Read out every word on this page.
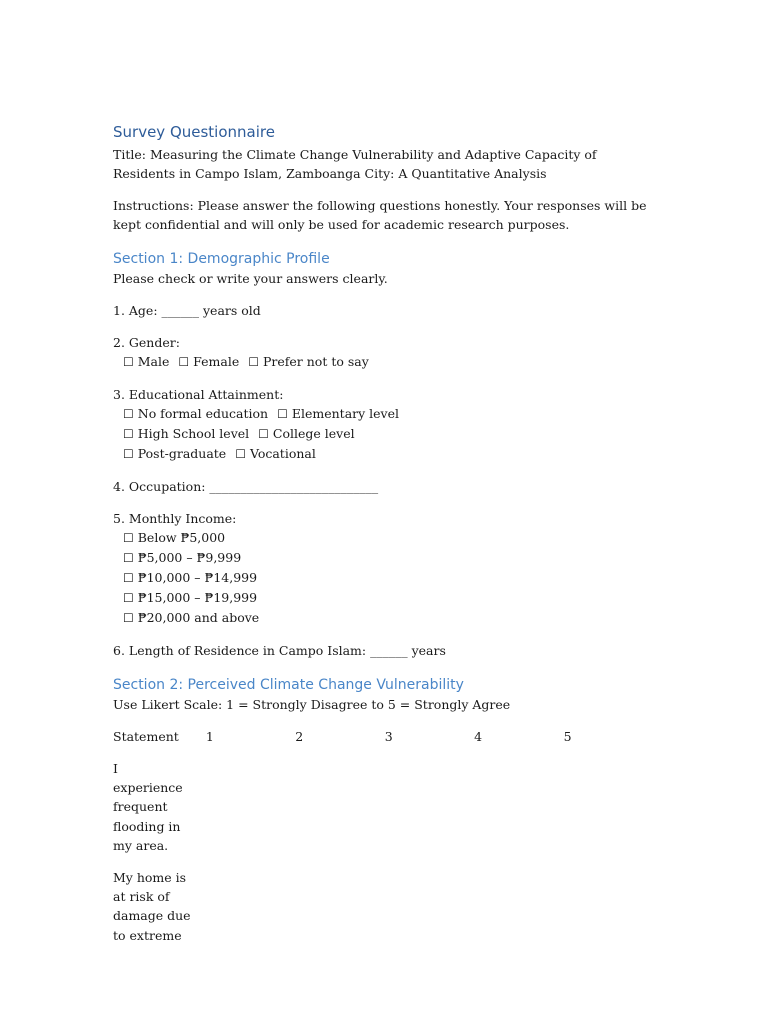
Survey Questionnaire

Title: Measuring the Climate Change Vulnerability and Adaptive Capacity of Residents in Campo Islam, Zamboanga City: A Quantitative Analysis

Instructions: Please answer the following questions honestly. Your responses will be kept confidential and will only be used for academic research purposes.

Section 1: Demographic Profile

Please check or write your answers clearly.

1. Age: ______ years old

2. Gender:

☐ Male ☐ Female ☐ Prefer not to say

3. Educational Attainment:

☐ No formal education ☐ Elementary level

☐ High School level ☐ College level

☐ Post-graduate ☐ Vocational

4. Occupation: ___________________________

5. Monthly Income:

☐ Below ₱5,000

☐ ₱5,000 – ₱9,999

☐ ₱10,000 – ₱14,999

☐ ₱15,000 – ₱19,999

☐ ₱20,000 and above

6. Length of Residence in Campo Islam: ______ years

Section 2: Perceived Climate Change Vulnerability

Use Likert Scale: 1 = Strongly Disagree to 5 = Strongly Agree

Statement	1	2	3	4	5

I experience frequent flooding in my area.

My home is at risk of damage due to extreme
